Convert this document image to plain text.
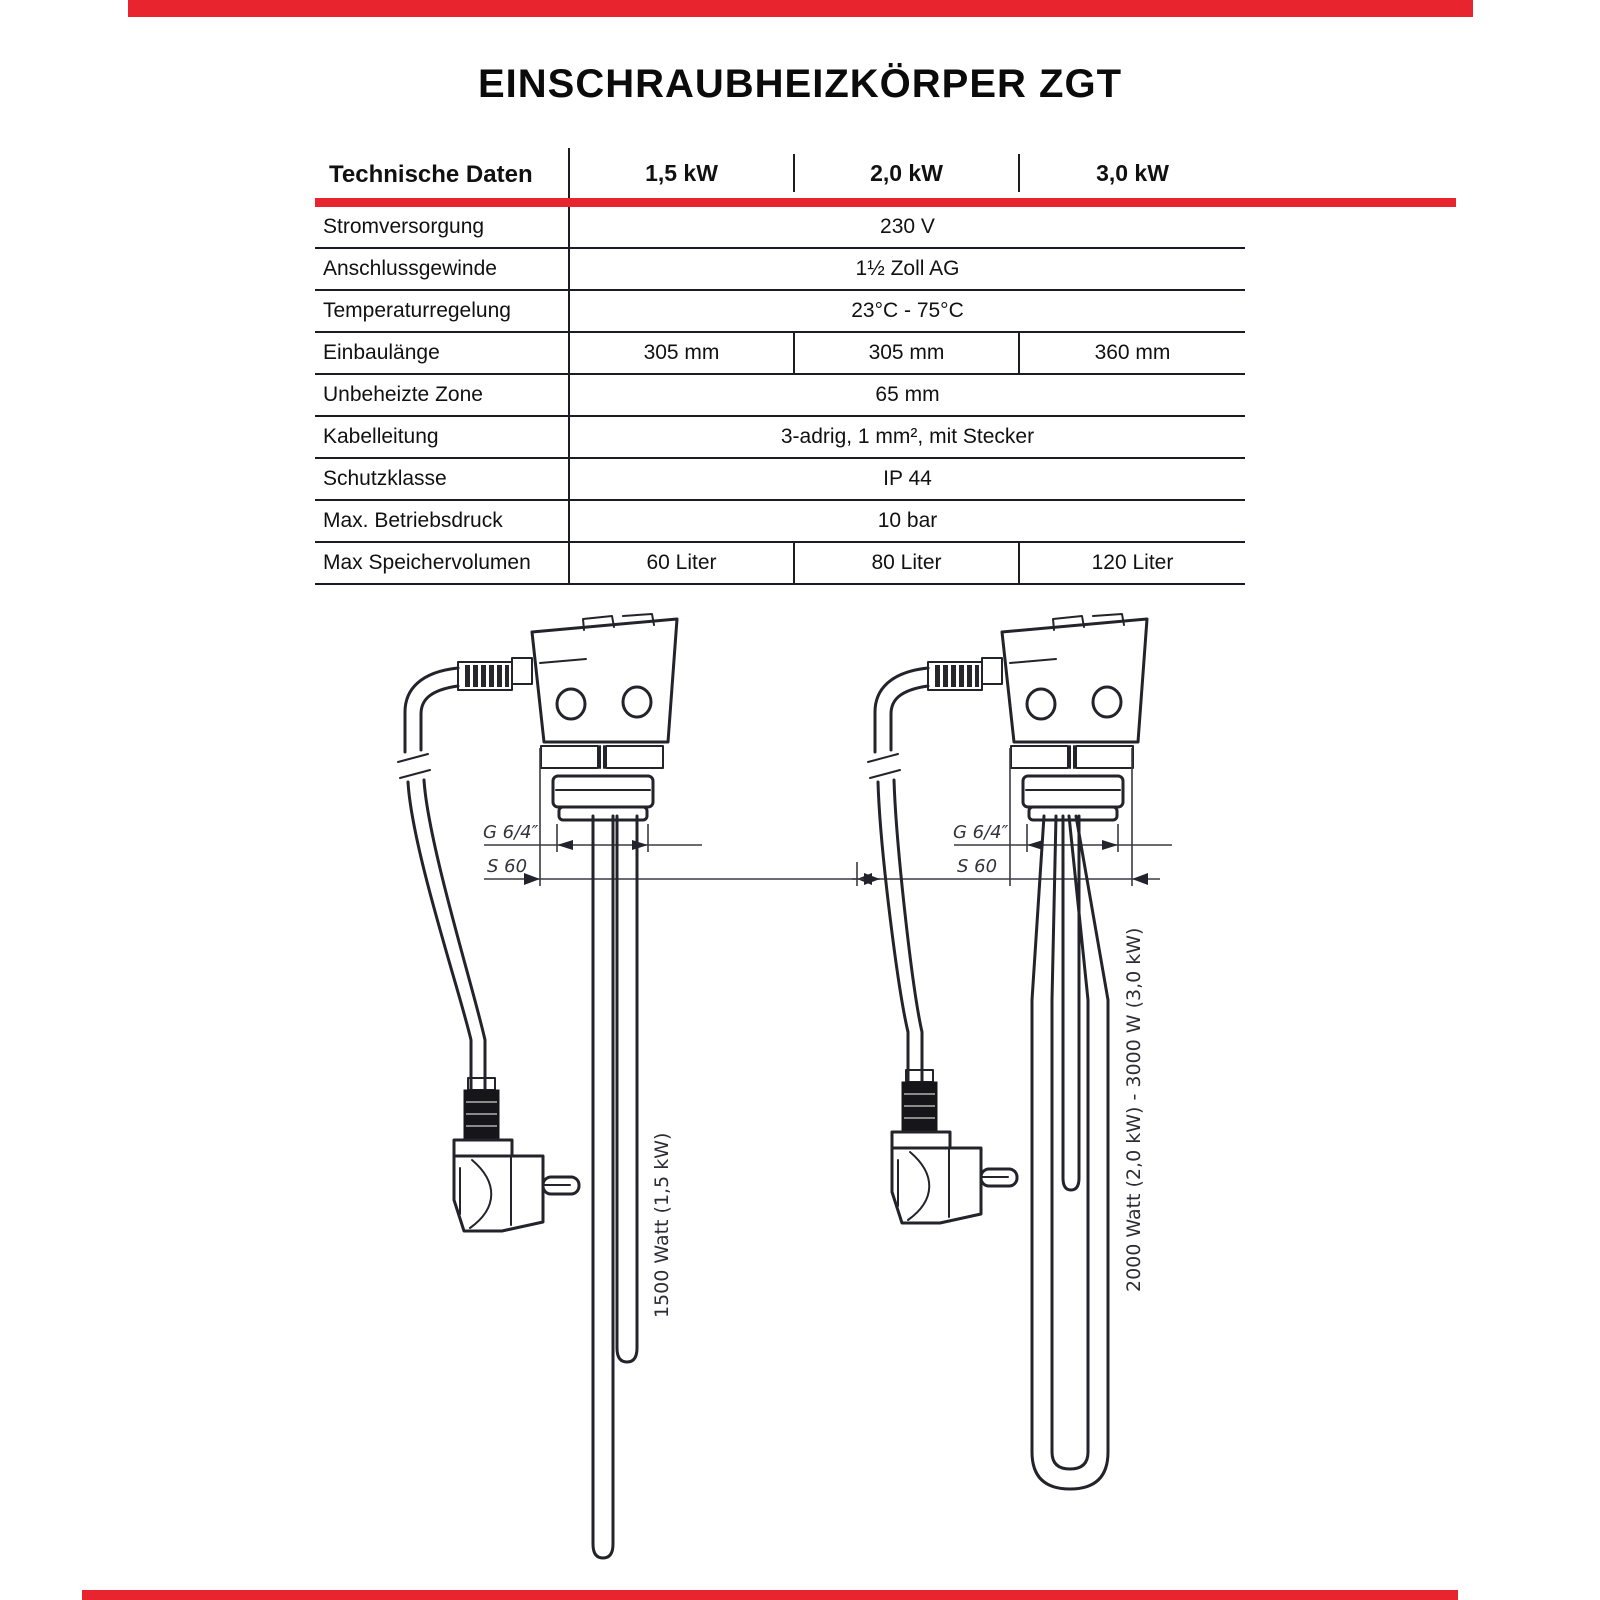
EINSCHRAUBHEIZKÖRPER ZGT
Technische Daten	1,5 kW	2,0 kW	3,0 kW
Stromversorgung	230 V
Anschlussgewinde	1½ Zoll AG
Temperaturregelung	23°C - 75°C
Einbaulänge	305 mm	305 mm	360 mm
Unbeheizte Zone	65 mm
Kabelleitung	3-adrig, 1 mm², mit Stecker
Schutzklasse	IP 44
Max. Betriebsdruck	10 bar
Max Speichervolumen	60 Liter	80 Liter	120 Liter
G 6/4″
S 60
1500 Watt (1,5 kW)
G 6/4″
S 60
2000 Watt (2,0 kW) - 3000 W (3,0 kW)
